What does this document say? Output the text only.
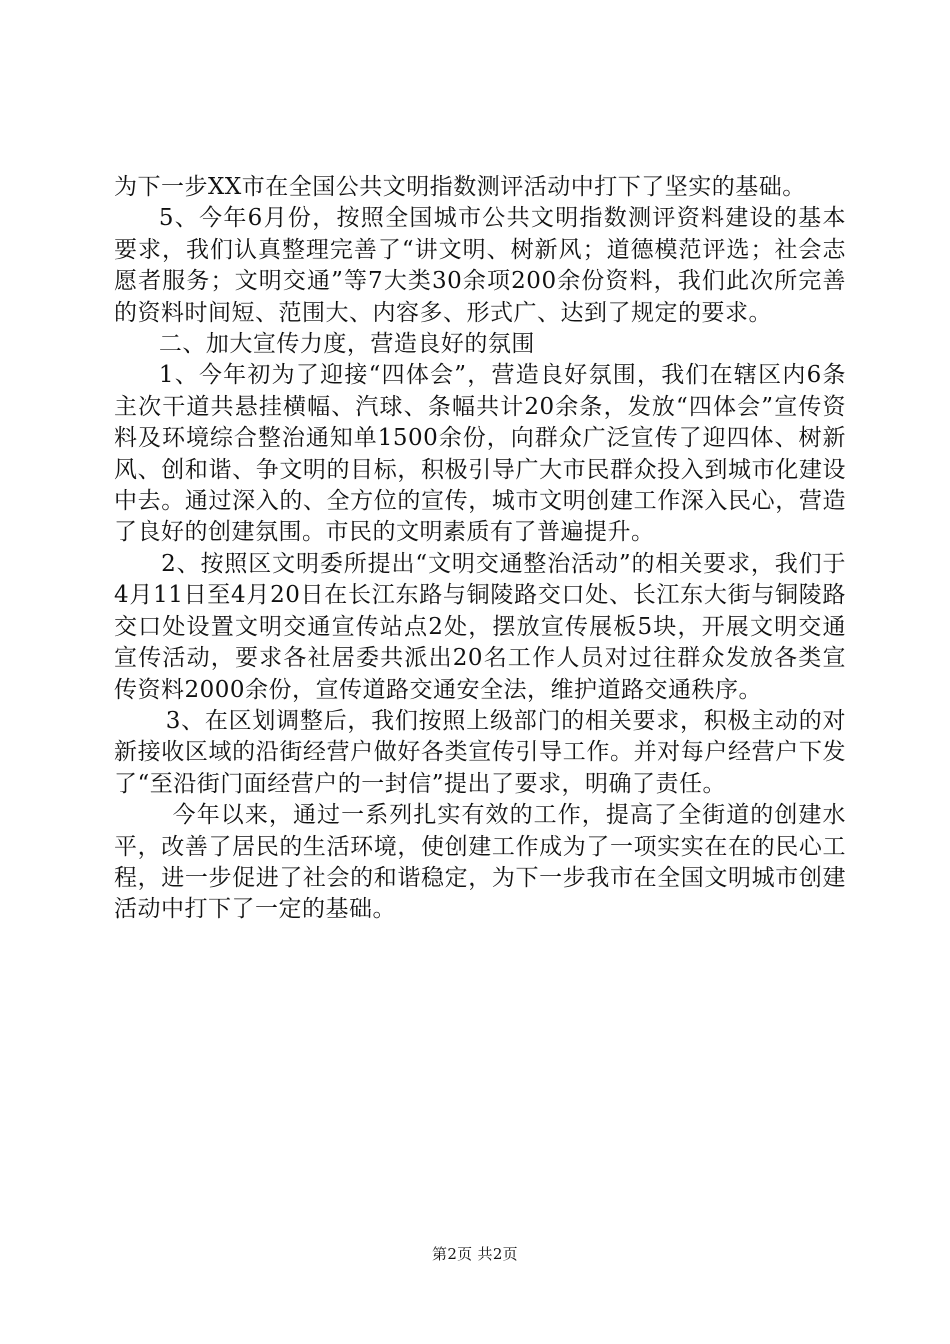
为下一步XX市在全国公共文明指数测评活动中打下了坚实的基础。

5、今年6月份，按照全国城市公共文明指数测评资料建设的基本要求，我们认真整理完善了“讲文明、树新风；道德模范评选；社会志愿者服务；文明交通”等7大类30余项200余份资料，我们此次所完善的资料时间短、范围大、内容多、形式广、达到了规定的要求。

二、加大宣传力度，营造良好的氛围

1、今年初为了迎接“四体会”，营造良好氛围，我们在辖区内6条主次干道共悬挂横幅、汽球、条幅共计20余条，发放“四体会”宣传资料及环境综合整治通知单1500余份，向群众广泛宣传了迎四体、树新风、创和谐、争文明的目标，积极引导广大市民群众投入到城市化建设中去。通过深入的、全方位的宣传，城市文明创建工作深入民心，营造了良好的创建氛围。市民的文明素质有了普遍提升。

2、按照区文明委所提出“文明交通整治活动”的相关要求，我们于4月11日至4月20日在长江东路与铜陵路交口处、长江东大街与铜陵路交口处设置文明交通宣传站点2处，摆放宣传展板5块，开展文明交通宣传活动，要求各社居委共派出20名工作人员对过往群众发放各类宣传资料2000余份，宣传道路交通安全法，维护道路交通秩序。

3、在区划调整后，我们按照上级部门的相关要求，积极主动的对新接收区域的沿街经营户做好各类宣传引导工作。并对每户经营户下发了“至沿街门面经营户的一封信”提出了要求，明确了责任。

今年以来，通过一系列扎实有效的工作，提高了全街道的创建水平，改善了居民的生活环境，使创建工作成为了一项实实在在的民心工程，进一步促进了社会的和谐稳定，为下一步我市在全国文明城市创建活动中打下了一定的基础。

第2页 共2页
